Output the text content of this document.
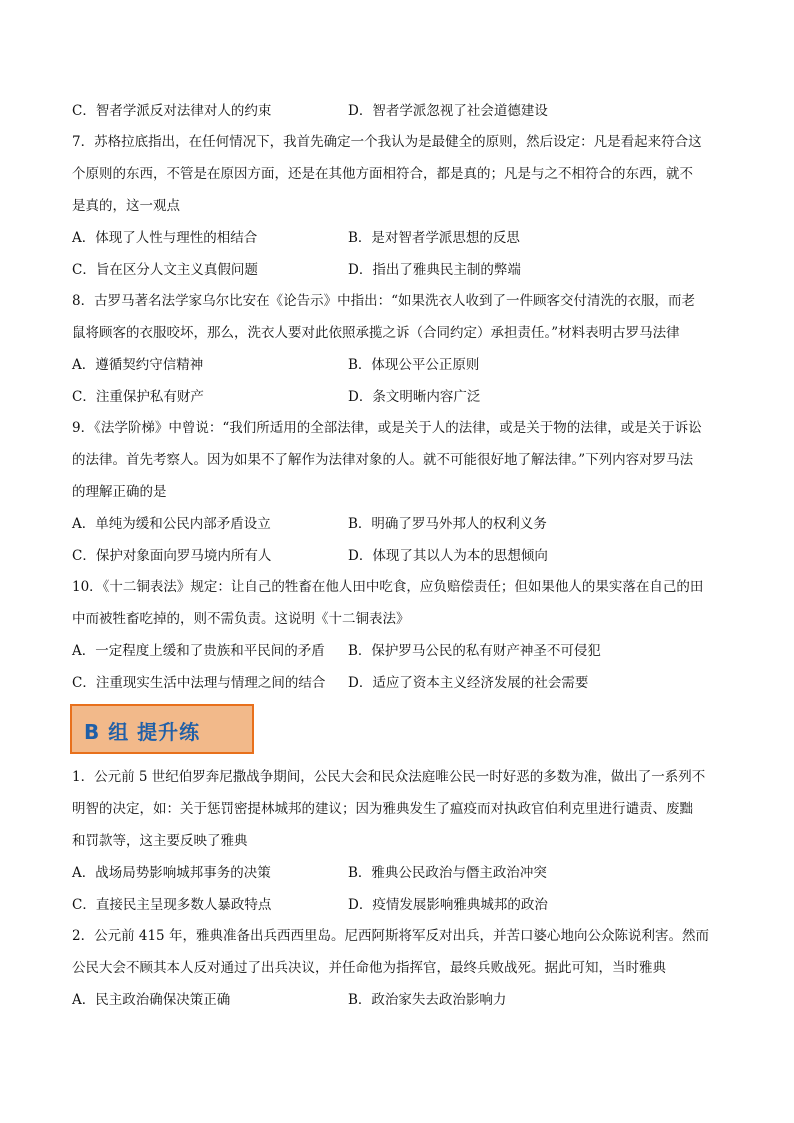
C．智者学派反对法律对人的约束	D．智者学派忽视了社会道德建设
7．苏格拉底指出，在任何情况下，我首先确定一个我认为是最健全的原则，然后设定：凡是看起来符合这
个原则的东西，不管是在原因方面，还是在其他方面相符合，都是真的；凡是与之不相符合的东西，就不
是真的，这一观点
A．体现了人性与理性的相结合	B．是对智者学派思想的反思
C．旨在区分人文主义真假问题	D．指出了雅典民主制的弊端
8．古罗马著名法学家乌尔比安在《论告示》中指出：“如果洗衣人收到了一件顾客交付清洗的衣服，而老
鼠将顾客的衣服咬坏，那么，洗衣人要对此依照承揽之诉（合同约定）承担责任。”材料表明古罗马法律
A．遵循契约守信精神	B．体现公平公正原则
C．注重保护私有财产	D．条文明晰内容广泛
9．《法学阶梯》中曾说：“我们所适用的全部法律，或是关于人的法律，或是关于物的法律，或是关于诉讼
的法律。首先考察人。因为如果不了解作为法律对象的人。就不可能很好地了解法律。”下列内容对罗马法
的理解正确的是
A．单纯为缓和公民内部矛盾设立	B．明确了罗马外邦人的权利义务
C．保护对象面向罗马境内所有人	D．体现了其以人为本的思想倾向
10．《十二铜表法》规定：让自己的牲畜在他人田中吃食，应负赔偿责任；但如果他人的果实落在自己的田
中而被牲畜吃掉的，则不需负责。这说明《十二铜表法》
A．一定程度上缓和了贵族和平民间的矛盾 B．保护罗马公民的私有财产神圣不可侵犯
C．注重现实生活中法理与情理之间的结合 D．适应了资本主义经济发展的社会需要
B 组 提升练
1．公元前 5 世纪伯罗奔尼撒战争期间，公民大会和民众法庭唯公民一时好恶的多数为准，做出了一系列不
明智的决定，如：关于惩罚密提林城邦的建议；因为雅典发生了瘟疫而对执政官伯利克里进行谴责、废黜
和罚款等，这主要反映了雅典
A．战场局势影响城邦事务的决策	B．雅典公民政治与僭主政治冲突
C．直接民主呈现多数人暴政特点	D．疫情发展影响雅典城邦的政治
2．公元前 415 年，雅典准备出兵西西里岛。尼西阿斯将军反对出兵，并苦口婆心地向公众陈说利害。然而
公民大会不顾其本人反对通过了出兵决议，并任命他为指挥官，最终兵败战死。据此可知，当时雅典
A．民主政治确保决策正确	B．政治家失去政治影响力
